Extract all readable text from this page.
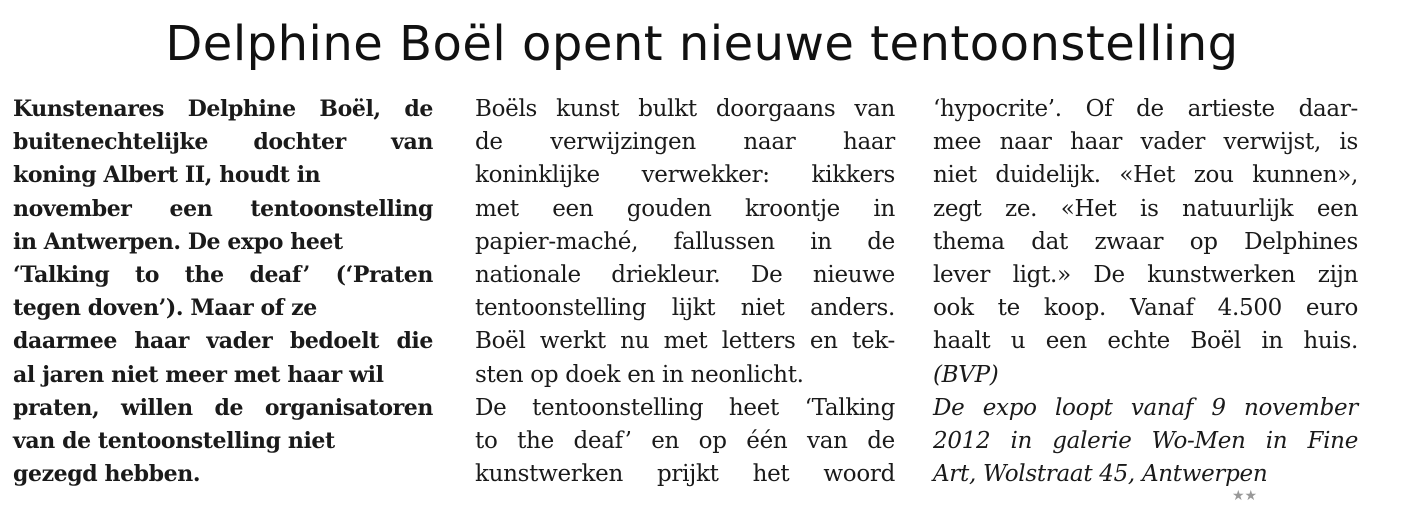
Delphine Boël opent nieuwe tentoonstelling
Kunstenares Delphine Boël, de
buitenechtelijke dochter van
koning Albert II, houdt in
november een tentoonstelling
in Antwerpen. De expo heet
‘Talking to the deaf’ (‘Praten
tegen doven’). Maar of ze
daarmee haar vader bedoelt die
al jaren niet meer met haar wil
praten, willen de organisatoren
van de tentoonstelling niet
gezegd hebben.
Boëls kunst bulkt doorgaans van
de verwijzingen naar haar
koninklijke verwekker: kikkers
met een gouden kroontje in
papier-maché, fallussen in de
nationale driekleur. De nieuwe
tentoonstelling lijkt niet anders.
Boël werkt nu met letters en tek-
sten op doek en in neonlicht.
De tentoonstelling heet ‘Talking
to the deaf’ en op één van de
kunstwerken prijkt het woord
‘hypocrite’. Of de artieste daar-
mee naar haar vader verwijst, is
niet duidelijk. «Het zou kunnen»,
zegt ze. «Het is natuurlijk een
thema dat zwaar op Delphines
lever ligt.» De kunstwerken zijn
ook te koop. Vanaf 4.500 euro
haalt u een echte Boël in huis.
(BVP)
De expo loopt vanaf 9 november
2012 in galerie Wo-Men in Fine
Art, Wolstraat 45, Antwerpen
★★
